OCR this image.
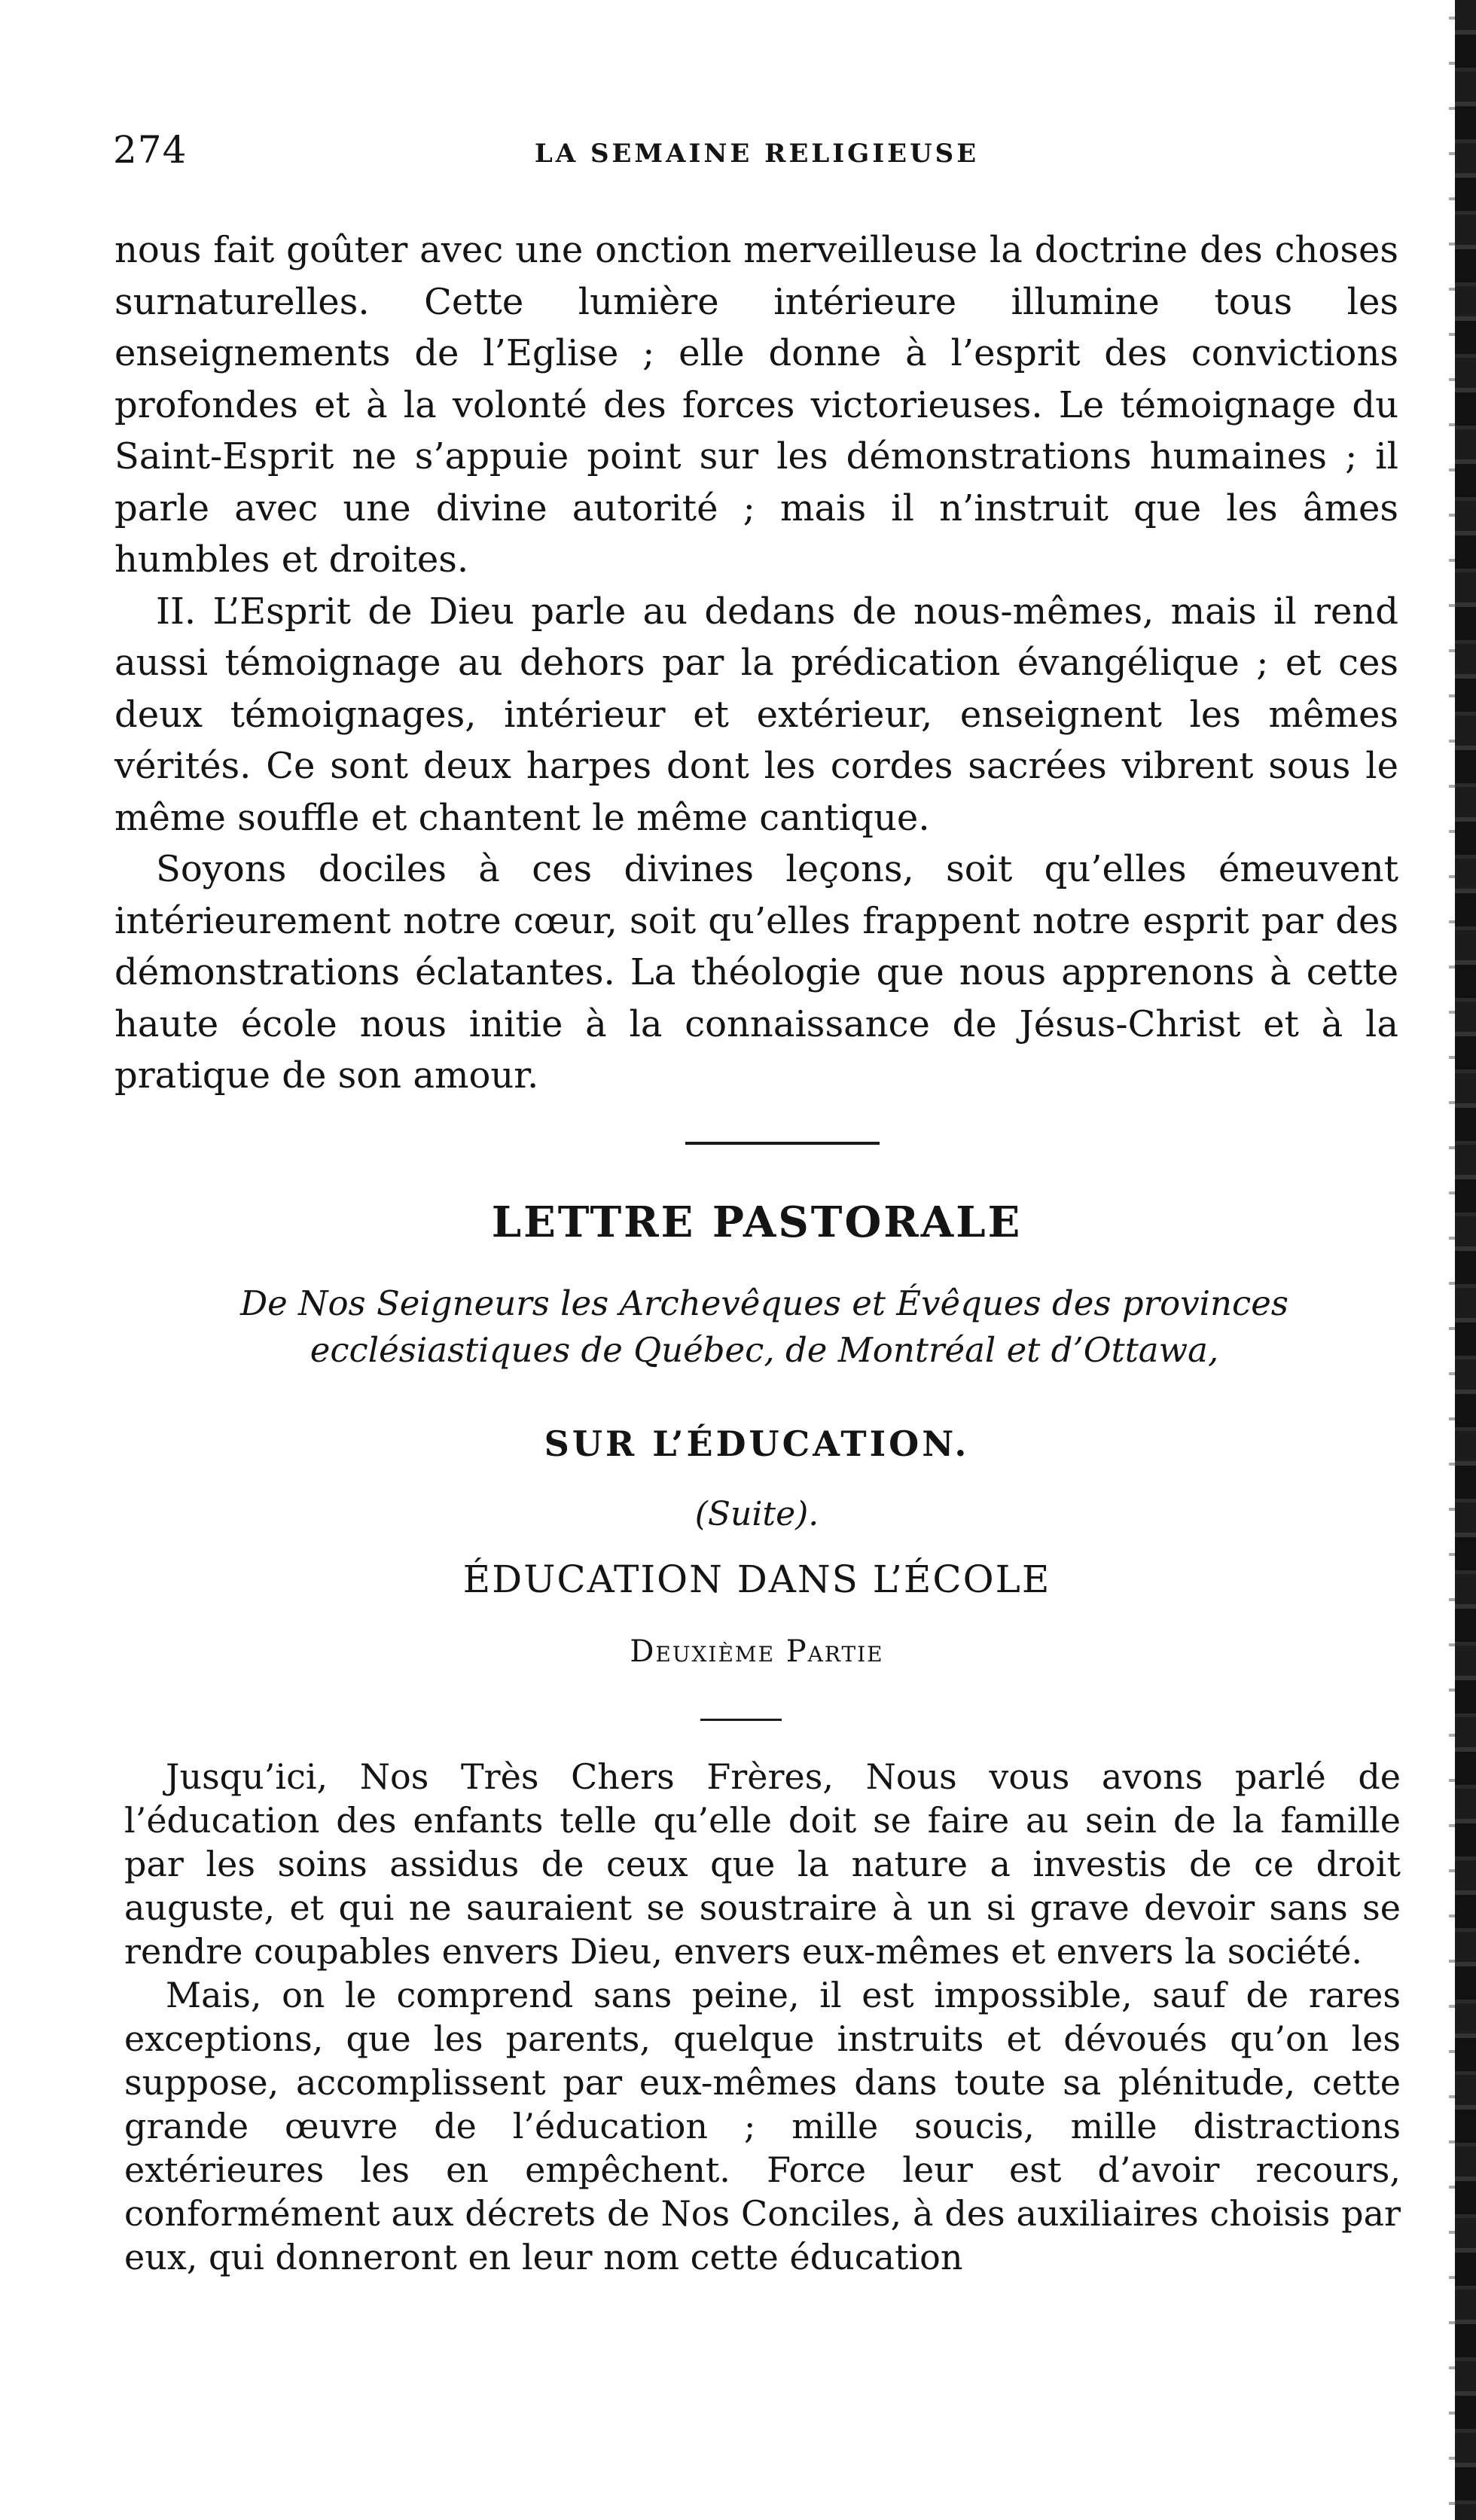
274	LA SEMAINE RELIGIEUSE

nous fait goûter avec une onction merveilleuse la doctrine des choses surnaturelles. Cette lumière intérieure illumine tous les enseignements de l’Eglise ; elle donne à l’esprit des convictions profondes et à la volonté des forces victorieuses. Le témoignage du Saint-Esprit ne s’appuie point sur les démonstrations humaines ; il parle avec une divine autorité ; mais il n’instruit que les âmes humbles et droites.

II. L’Esprit de Dieu parle au dedans de nous-mêmes, mais il rend aussi témoignage au dehors par la prédication évangélique ; et ces deux témoignages, intérieur et extérieur, enseignent les mêmes vérités. Ce sont deux harpes dont les cordes sacrées vibrent sous le même souffle et chantent le même cantique.

Soyons dociles à ces divines leçons, soit qu’elles émeuvent intérieurement notre cœur, soit qu’elles frappent notre esprit par des démonstrations éclatantes. La théologie que nous apprenons à cette haute école nous initie à la connaissance de Jésus-Christ et à la pratique de son amour.

LETTRE PASTORALE
De Nos Seigneurs les Archevêques et Évêques des provinces ecclésiastiques de Québec, de Montréal et d’Ottawa,
SUR L’ÉDUCATION.
(Suite).
ÉDUCATION DANS L’ÉCOLE
Deuxième Partie

Jusqu’ici, Nos Très Chers Frères, Nous vous avons parlé de l’éducation des enfants telle qu’elle doit se faire au sein de la famille par les soins assidus de ceux que la nature a investis de ce droit auguste, et qui ne sauraient se soustraire à un si grave devoir sans se rendre coupables envers Dieu, envers eux-mêmes et envers la société.

Mais, on le comprend sans peine, il est impossible, sauf de rares exceptions, que les parents, quelque instruits et dévoués qu’on les suppose, accomplissent par eux-mêmes dans toute sa plénitude, cette grande œuvre de l’éducation ; mille soucis, mille distractions extérieures les en empêchent. Force leur est d’avoir recours, conformément aux décrets de Nos Conciles, à des auxiliaires choisis par eux, qui donneront en leur nom cette éducation
